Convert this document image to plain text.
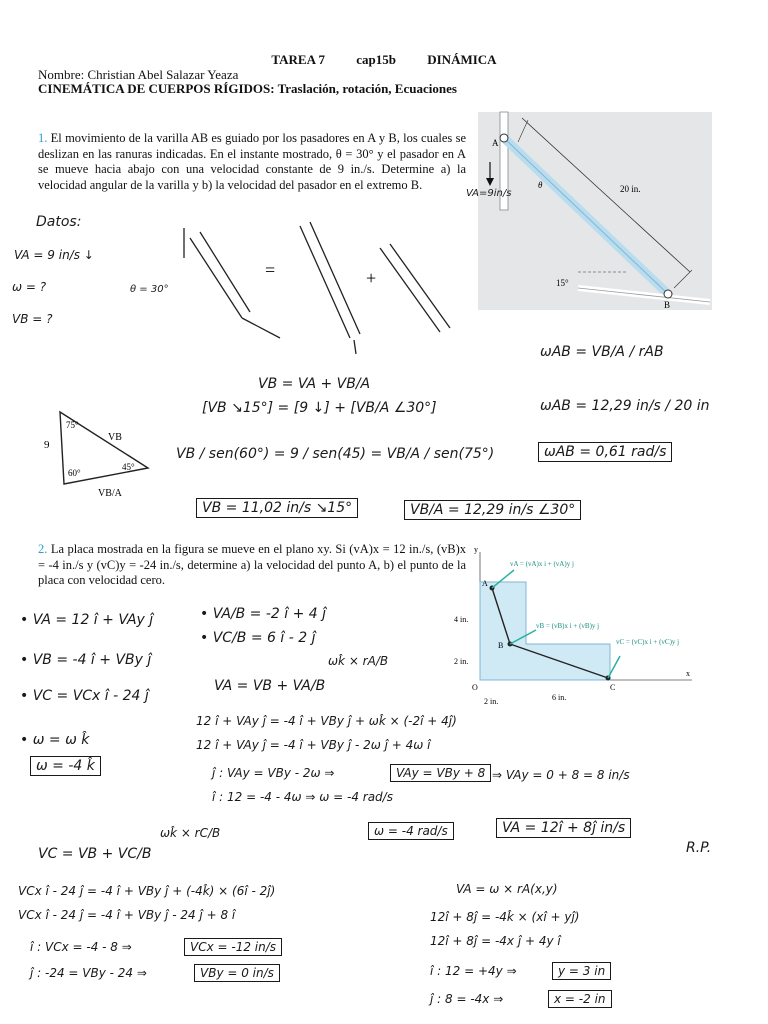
TAREA 7 cap15b DINÁMICA
Nombre: Christian Abel Salazar Yeaza
CINEMÁTICA DE CUERPOS RÍGIDOS: Traslación, rotación, Ecuaciones
1. El movimiento de la varilla AB es guiado por los pasadores en A y B, los cuales se deslizan en las ranuras indicadas. En el instante mostrado, θ = 30° y el pasador en A se mueve hacia abajo con una velocidad constante de 9 in./s. Determine a) la velocidad angular de la varilla y b) la velocidad del pasador en el extremo B.
A
B
20 in.
θ
15°
VA=9in/s
Datos:
VA = 9 in/s ↓
ω = ?
VB = ?
θ = 30°
=	+
VB = VA + VB/A
[VB ↘15°] = [9 ↓] + [VB/A ∠30°]
9
75°
60°
45°
VB
VB/A
VB / sen(60°) = 9 / sen(45) = VB/A / sen(75°)
VB = 11,02 in/s ↘15°	VB/A = 12,29 in/s ∠30°
ωAB = VB/A / rAB
ωAB = 12,29 in/s / 20 in
ωAB = 0,61 rad/s
2. La placa mostrada en la figura se mueve en el plano xy. Si (vA)x = 12 in./s, (vB)x = -4 in./s y (vC)y = -24 in./s, determine a) la velocidad del punto A, b) el punto de la placa con velocidad cero.
y
x
O
A
B
C
4 in.
2 in.
2 in.	6 in.
vA = (vA)x i + (vA)y j
vB = (vB)x i + (vB)y j
vC = (vC)x i + (vC)y j
• VA = 12 î + VAy ĵ
• VB = -4 î + VBy ĵ
• VC = VCx î - 24 ĵ
• ω = ω k̂
ω = -4 k̂
• VA/B = -2 î + 4 ĵ
• VC/B = 6 î - 2 ĵ
ωk̂ × rA/B
VA = VB + VA/B
12 î + VAy ĵ = -4 î + VBy ĵ + ωk̂ × (-2î + 4ĵ)
12 î + VAy ĵ = -4 î + VBy ĵ - 2ω ĵ + 4ω î
ĵ : VAy = VBy - 2ω ⇒	VAy = VBy + 8 ⇒ VAy = 0 + 8 = 8 in/s
î : 12 = -4 - 4ω ⇒ ω = -4 rad/s
ω = -4 rad/s	VA = 12î + 8ĵ in/s
R.P.
ωk̂ × rC/B
VC = VB + VC/B
VCx î - 24 ĵ = -4 î + VBy ĵ + (-4k̂) × (6î - 2ĵ)
VCx î - 24 ĵ = -4 î + VBy ĵ - 24 ĵ + 8 î
î : VCx = -4 - 8 ⇒	VCx = -12 in/s
ĵ : -24 = VBy - 24 ⇒	VBy = 0 in/s
VA = ω × rA(x,y)
12î + 8ĵ = -4k̂ × (xî + yĵ)
12î + 8ĵ = -4x ĵ + 4y î
î : 12 = +4y ⇒	y = 3 in
ĵ : 8 = -4x ⇒	x = -2 in
